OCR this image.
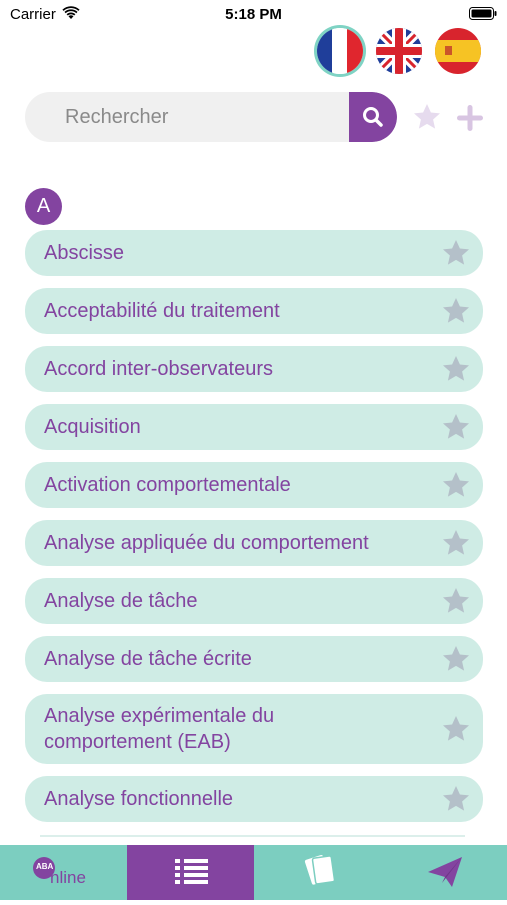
Carrier	5:18 PM
Rechercher
A
Abscisse
Acceptabilité du traitement
Accord inter-observateurs
Acquisition
Activation comportementale
Analyse appliquée du comportement
Analyse de tâche
Analyse de tâche écrite
Analyse expérimentale du comportement (EAB)
Analyse fonctionnelle
ABA
nline
